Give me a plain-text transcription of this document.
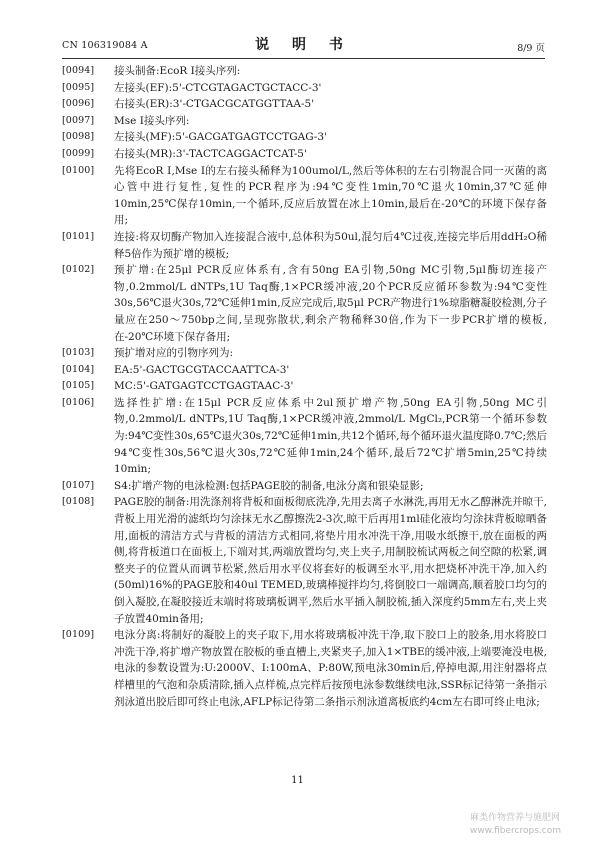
CN 106319084 A	说 明 书	8/9 页
[0094]	接头制备:EcoR Ⅰ接头序列:
[0095]	左接头(EF):5'-CTCGTAGACTGCTACC-3'
[0096]	右接头(ER):3'-CTGACGCATGGTTAA-5'
[0097]	Mse Ⅰ接头序列:
[0098]	左接头(MF):5'-GACGATGAGTCCTGAG-3'
[0099]	右接头(MR):3'-TACTCAGGACTCAT-5'
[0100]	先将EcoR Ⅰ,Mse Ⅰ的左右接头稀释为100umol/L,然后等体积的左右引物混合同一灭菌的离心管中进行复性,复性的PCR程序为:94℃变性1min,70℃退火10min,37℃延伸10min,25℃保存10min,一个循环,反应后放置在冰上10min,最后在-20℃的环境下保存备用;
[0101]	连接:将双切酶产物加入连接混合液中,总体积为50ul,混匀后4℃过夜,连接完毕后用ddH₂O稀释5倍作为预扩增的模板;
[0102]	预扩增:在25μl PCR反应体系有,含有50ng EA引物,50ng MC引物,5μl酶切连接产物,0.2mmol/L dNTPs,1U Taq酶,1×PCR缓冲液,20个PCR反应循环参数为:94℃变性30s,56℃退火30s,72℃延伸1min,反应完成后,取5μl PCR产物进行1%琼脂糖凝胶检测,分子量应在250～750bp之间,呈现弥散状,剩余产物稀释30倍,作为下一步PCR扩增的模板,在-20℃环境下保存备用;
[0103]	预扩增对应的引物序列为:
[0104]	EA:5'-GACTGCGTACCAATTCA-3'
[0105]	MC:5'-GATGAGTCCTGAGTAAC-3'
[0106]	选择性扩增:在15μl PCR反应体系中2ul预扩增产物,50ng EA引物,50ng MC引物,0.2mmol/L dNTPs,1U Taq酶,1×PCR缓冲液,2mmol/L MgCl₂,PCR第一个循环参数为:94℃变性30s,65℃退火30s,72℃延伸1min,共12个循环,每个循环退火温度降0.7℃;然后94℃变性30s,56℃退火30s,72℃延伸1min,24个循环,最后72℃扩增5min,25℃持续10min;
[0107]	S4:扩增产物的电泳检测:包括PAGE胶的制备,电泳分离和银染显影;
[0108]	PAGE胶的制备:用洗涤剂将背板和面板彻底洗净,先用去离子水淋洗,再用无水乙醇淋洗并晾干,背板上用光滑的滤纸均匀涂抹无水乙醇擦洗2-3次,晾干后再用1ml硅化液均匀涂抹背板晾晒备用,面板的清洁方式与背板的清洁方式相同,将垫片用水冲洗干净,用吸水纸擦干,放在面板的两侧,将背板道口在面板上,下端对其,两端放置均匀,夹上夹子,用制胶梳试两板之间空隙的松紧,调整夹子的位置从而调节松紧,然后用水平仪将套好的板调至水平,用水把烧杯冲洗干净,加入约(50ml)16%的PAGE胶和40ul TEMED,玻璃棒搅拌均匀,将倒胶口一端调高,顺着胶口均匀的倒入凝胶,在凝胶接近末端时将玻璃板调平,然后水平插入制胶梳,插入深度约5mm左右,夹上夹子放置40min备用;
[0109]	电泳分离:将制好的凝胶上的夹子取下,用水将玻璃板冲洗干净,取下胶口上的胶条,用水将胶口冲洗干净,将扩增产物放置在胶板的垂直槽上,夹紧夹子,加入1×TBE的缓冲液,上端要淹没电极,电泳的参数设置为:U:2000V、I:100mA、P:80W,预电泳30min后,停掉电源,用注射器将点样槽里的气泡和杂质清除,插入点样梳,点完样后按预电泳参数继续电泳,SSR标记待第一条指示剂泳道出胶后即可终止电泳,AFLP标记待第二条指示剂泳道离板底约4cm左右即可终止电泳;
11
麻类作物营养与施肥网
www.fibercrops.com
